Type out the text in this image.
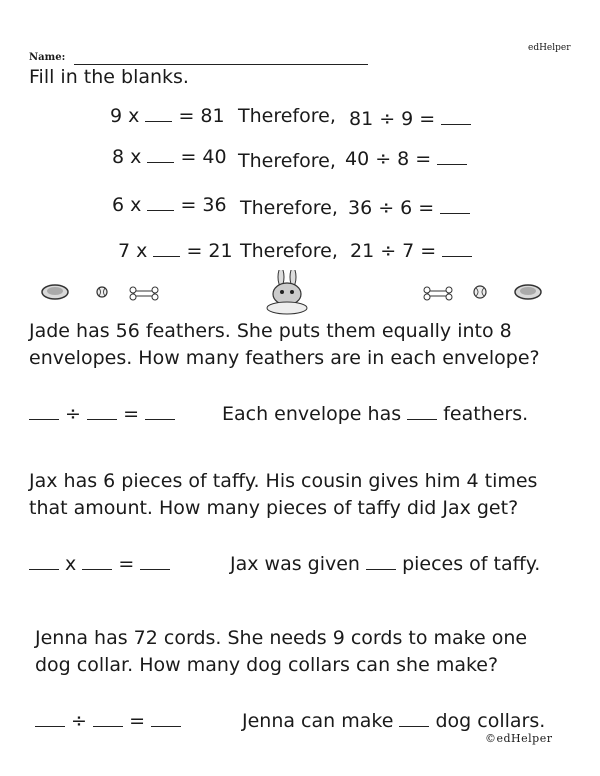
Name:
edHelper
Fill in the blanks.
9 x = 81 Therefore, 81 ÷ 9 =
8 x = 40 Therefore, 40 ÷ 8 =
6 x = 36 Therefore, 36 ÷ 6 =
7 x = 21 Therefore, 21 ÷ 7 =
Jade has 56 feathers. She puts them equally into 8 envelopes. How many feathers are in each envelope?
÷ =	Each envelope has feathers.
Jax has 6 pieces of taffy. His cousin gives him 4 times that amount. How many pieces of taffy did Jax get?
x =	Jax was given pieces of taffy.
Jenna has 72 cords. She needs 9 cords to make one dog collar. How many dog collars can she make?
÷ =	Jenna can make dog collars.
©edHelper
